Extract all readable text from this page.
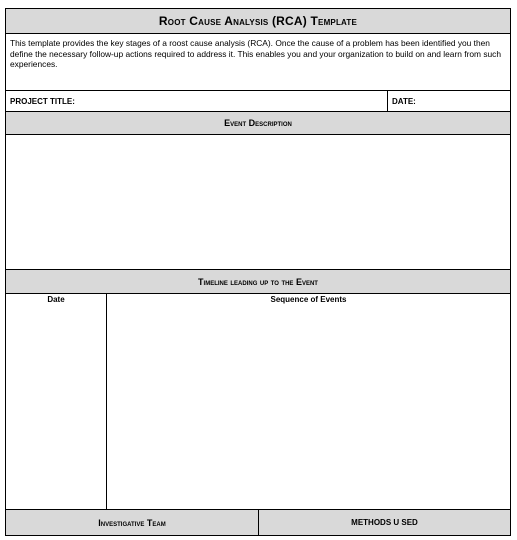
Root Cause Analysis (RCA) Template
This template provides the key stages of a roost cause analysis (RCA). Once the cause of a problem has been identified you then define the necessary follow-up actions required to address it. This enables you and your organization to build on and learn from such experiences.
PROJECT TITLE:	DATE:
Event Description
Timeline leading up to the Event
Date	Sequence of Events
Investigative Team	METHODS U SED
